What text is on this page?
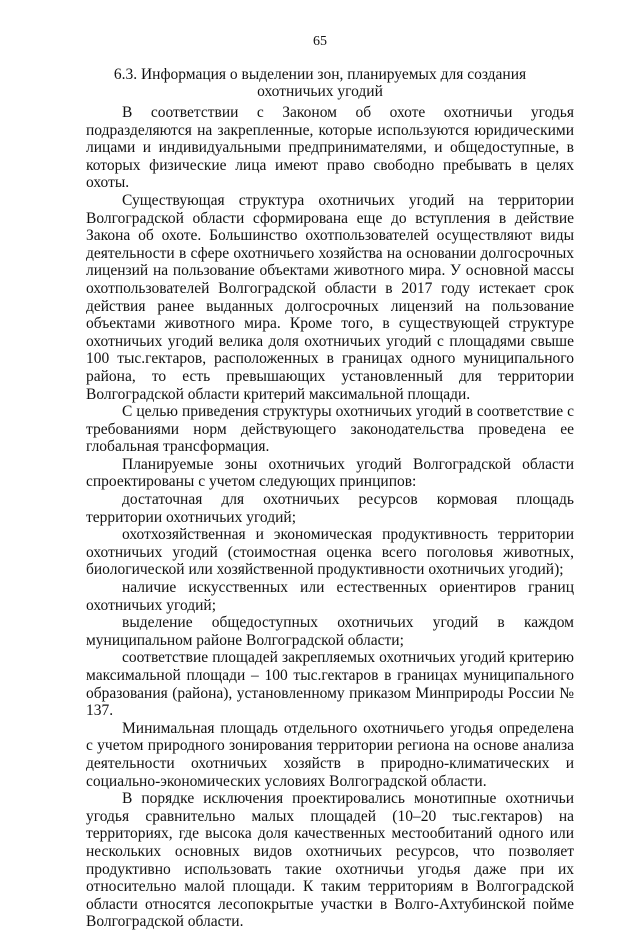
65
6.3. Информация о выделении зон, планируемых для создания
охотничьих угодий

В соответствии с Законом об охоте охотничьи угодья подразделяются на закрепленные, которые используются юридическими лицами и индивидуальными предпринимателями, и общедоступные, в которых физические лица имеют право свободно пребывать в целях охоты.

Существующая структура охотничьих угодий на территории Волгоградской области сформирована еще до вступления в действие Закона об охоте. Большинство охотпользователей осуществляют виды деятельности в сфере охотничьего хозяйства на основании долгосрочных лицензий на пользование объектами животного мира. У основной массы охотпользователей Волгоградской области в 2017 году истекает срок действия ранее выданных долгосрочных лицензий на пользование объектами животного мира. Кроме того, в существующей структуре охотничьих угодий велика доля охотничьих угодий с площадями свыше 100 тыс.гектаров, расположенных в границах одного муниципального района, то есть превышающих установленный для территории Волгоградской области критерий максимальной площади.

С целью приведения структуры охотничьих угодий в соответствие с требованиями норм действующего законодательства проведена ее глобальная трансформация.

Планируемые зоны охотничьих угодий Волгоградской области спроектированы с учетом следующих принципов:

достаточная для охотничьих ресурсов кормовая площадь территории охотничьих угодий;

охотхозяйственная и экономическая продуктивность территории охотничьих угодий (стоимостная оценка всего поголовья животных, биологической или хозяйственной продуктивности охотничьих угодий);

наличие искусственных или естественных ориентиров границ охотничьих угодий;

выделение общедоступных охотничьих угодий в каждом муниципальном районе Волгоградской области;

соответствие площадей закрепляемых охотничьих угодий критерию максимальной площади – 100 тыс.гектаров в границах муниципального образования (района), установленному приказом Минприроды России № 137.

Минимальная площадь отдельного охотничьего угодья определена с учетом природного зонирования территории региона на основе анализа деятельности охотничьих хозяйств в природно-климатических и социально-экономических условиях Волгоградской области.

В порядке исключения проектировались монотипные охотничьи угодья сравнительно малых площадей (10–20 тыс.гектаров) на территориях, где высока доля качественных местообитаний одного или нескольких основных видов охотничьих ресурсов, что позволяет продуктивно использовать такие охотничьи угодья даже при их относительно малой площади. К таким территориям в Волгоградской области относятся лесопокрытые участки в Волго-Ахтубинской пойме Волгоградской области.
